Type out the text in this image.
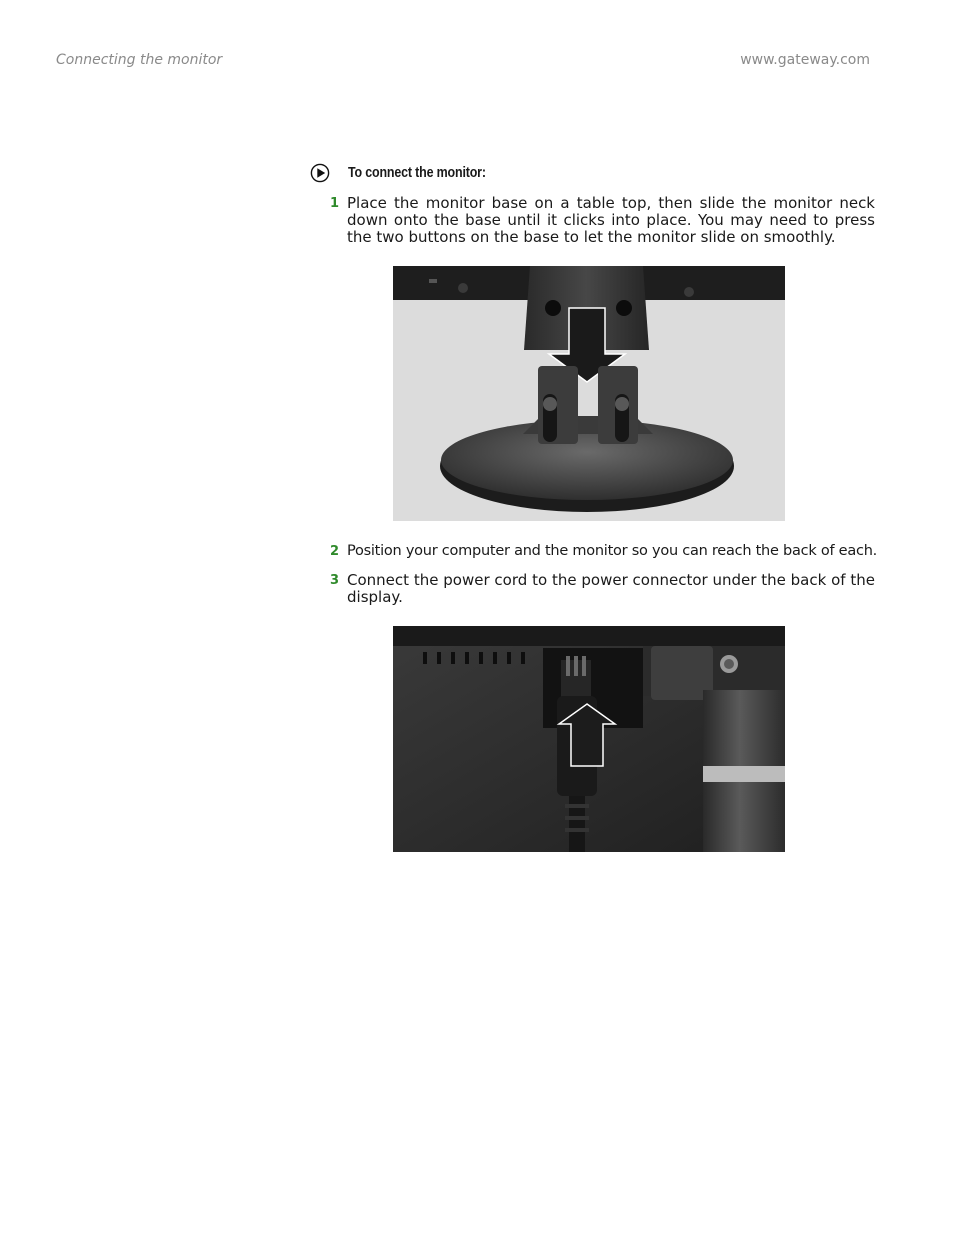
Connecting the monitor	www.gateway.com
To connect the monitor:
1 Place the monitor base on a table top, then slide the monitor neck down onto the base until it clicks into place. You may need to press the two buttons on the base to let the monitor slide on smoothly.
2 Position your computer and the monitor so you can reach the back of each.
3 Connect the power cord to the power connector under the back of the display.
